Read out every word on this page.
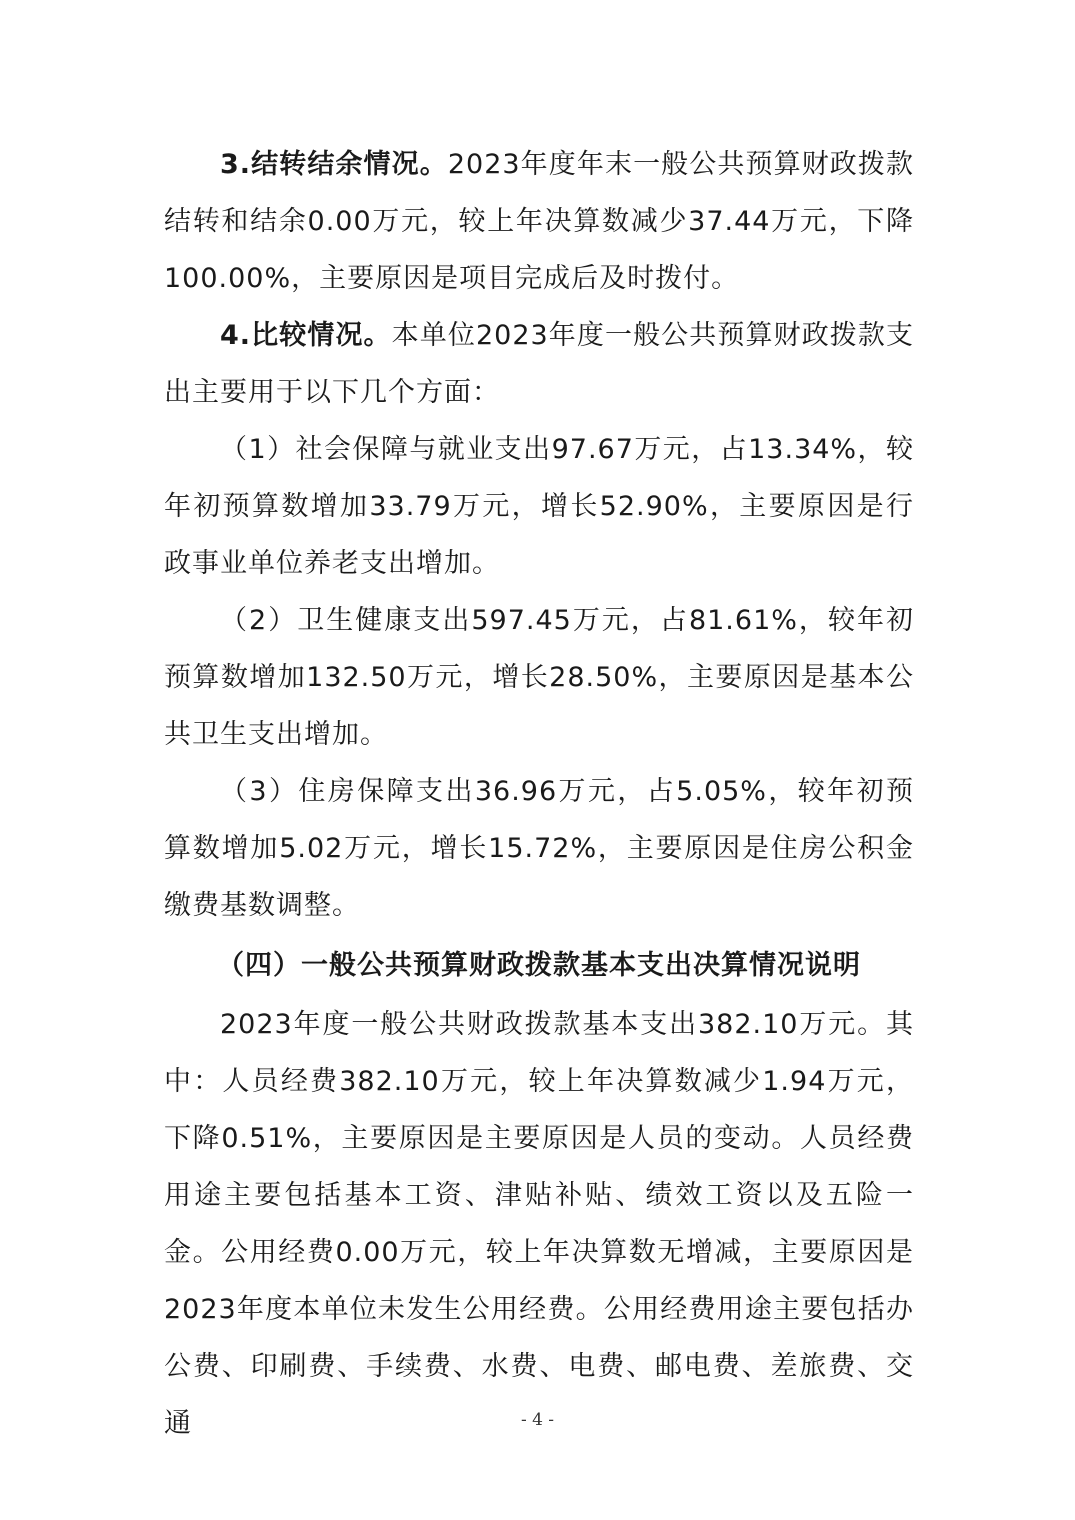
3.结转结余情况。2023年度年末一般公共预算财政拨款结转和结余0.00万元，较上年决算数减少37.44万元，下降100.00%，主要原因是项目完成后及时拨付。

4.比较情况。本单位2023年度一般公共预算财政拨款支出主要用于以下几个方面：

（1）社会保障与就业支出97.67万元，占13.34%，较年初预算数增加33.79万元，增长52.90%，主要原因是行政事业单位养老支出增加。

（2）卫生健康支出597.45万元，占81.61%，较年初预算数增加132.50万元，增长28.50%，主要原因是基本公共卫生支出增加。

（3）住房保障支出36.96万元，占5.05%，较年初预算数增加5.02万元，增长15.72%，主要原因是住房公积金缴费基数调整。

（四）一般公共预算财政拨款基本支出决算情况说明

2023年度一般公共财政拨款基本支出382.10万元。其中：人员经费382.10万元，较上年决算数减少1.94万元，下降0.51%，主要原因是主要原因是人员的变动。人员经费用途主要包括基本工资、津贴补贴、绩效工资以及五险一金。公用经费0.00万元，较上年决算数无增减，主要原因是2023年度本单位未发生公用经费。公用经费用途主要包括办公费、印刷费、手续费、水费、电费、邮电费、差旅费、交通	- 4 -
